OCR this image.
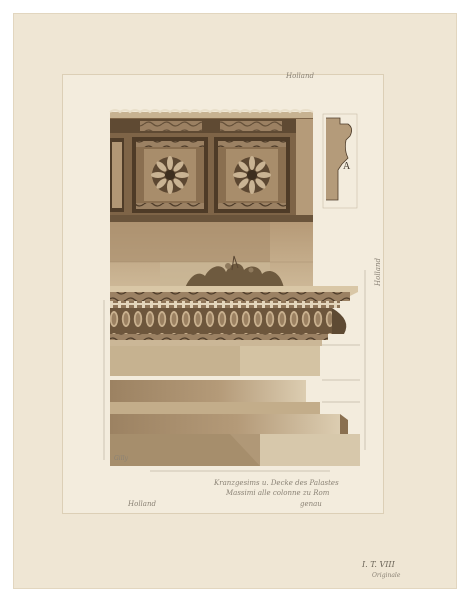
A
Holland
Holland
Gilly
Holland
Kranzgesims u. Decke des Palastes
Massimi alle colonne zu Rom
genau
I. T. VIII
Originale
